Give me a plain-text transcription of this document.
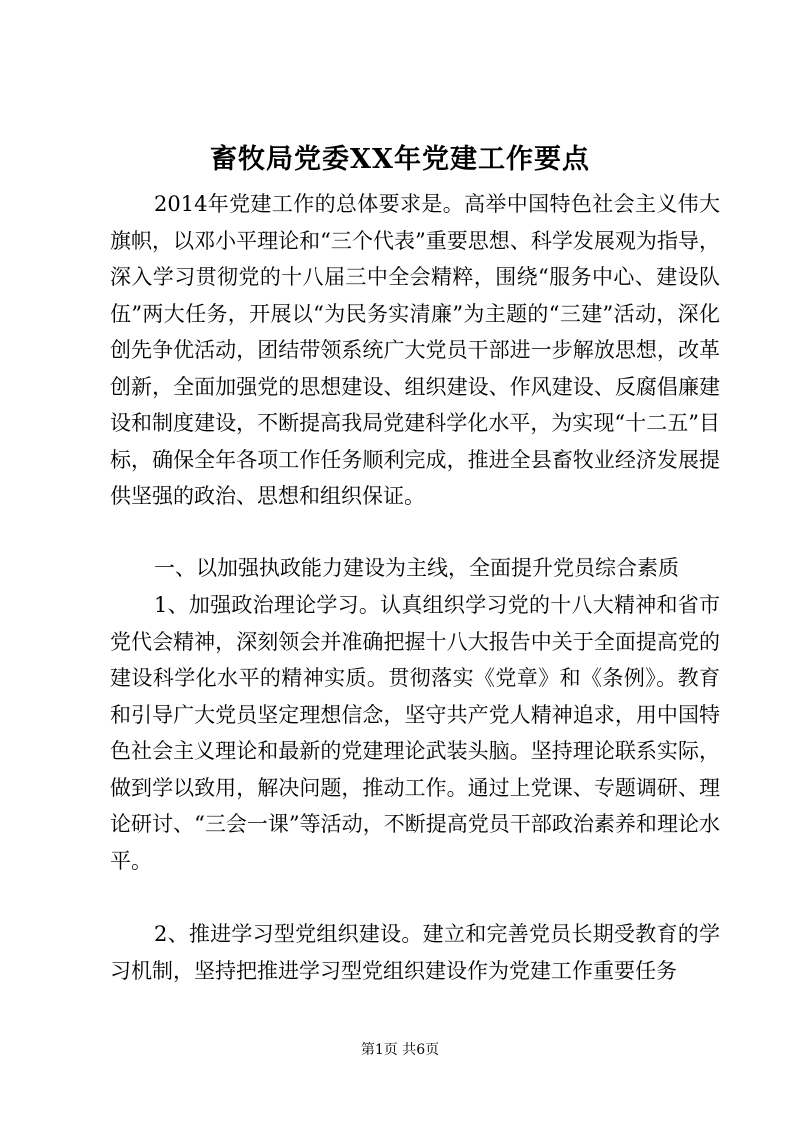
畜牧局党委XX年党建工作要点

2014年党建工作的总体要求是。高举中国特色社会主义伟大旗帜，以邓小平理论和“三个代表”重要思想、科学发展观为指导，深入学习贯彻党的十八届三中全会精粹，围绕“服务中心、建设队伍”两大任务，开展以“为民务实清廉”为主题的“三建”活动，深化创先争优活动，团结带领系统广大党员干部进一步解放思想，改革创新，全面加强党的思想建设、组织建设、作风建设、反腐倡廉建设和制度建设，不断提高我局党建科学化水平，为实现“十二五”目标，确保全年各项工作任务顺利完成，推进全县畜牧业经济发展提供坚强的政治、思想和组织保证。

一、以加强执政能力建设为主线，全面提升党员综合素质

1、加强政治理论学习。认真组织学习党的十八大精神和省市党代会精神，深刻领会并准确把握十八大报告中关于全面提高党的建设科学化水平的精神实质。贯彻落实《党章》和《条例》。教育和引导广大党员坚定理想信念，坚守共产党人精神追求，用中国特色社会主义理论和最新的党建理论武装头脑。坚持理论联系实际，做到学以致用，解决问题，推动工作。通过上党课、专题调研、理论研讨、“三会一课”等活动，不断提高党员干部政治素养和理论水平。

2、推进学习型党组织建设。建立和完善党员长期受教育的学习机制，坚持把推进学习型党组织建设作为党建工作重要任务

第1页 共6页
